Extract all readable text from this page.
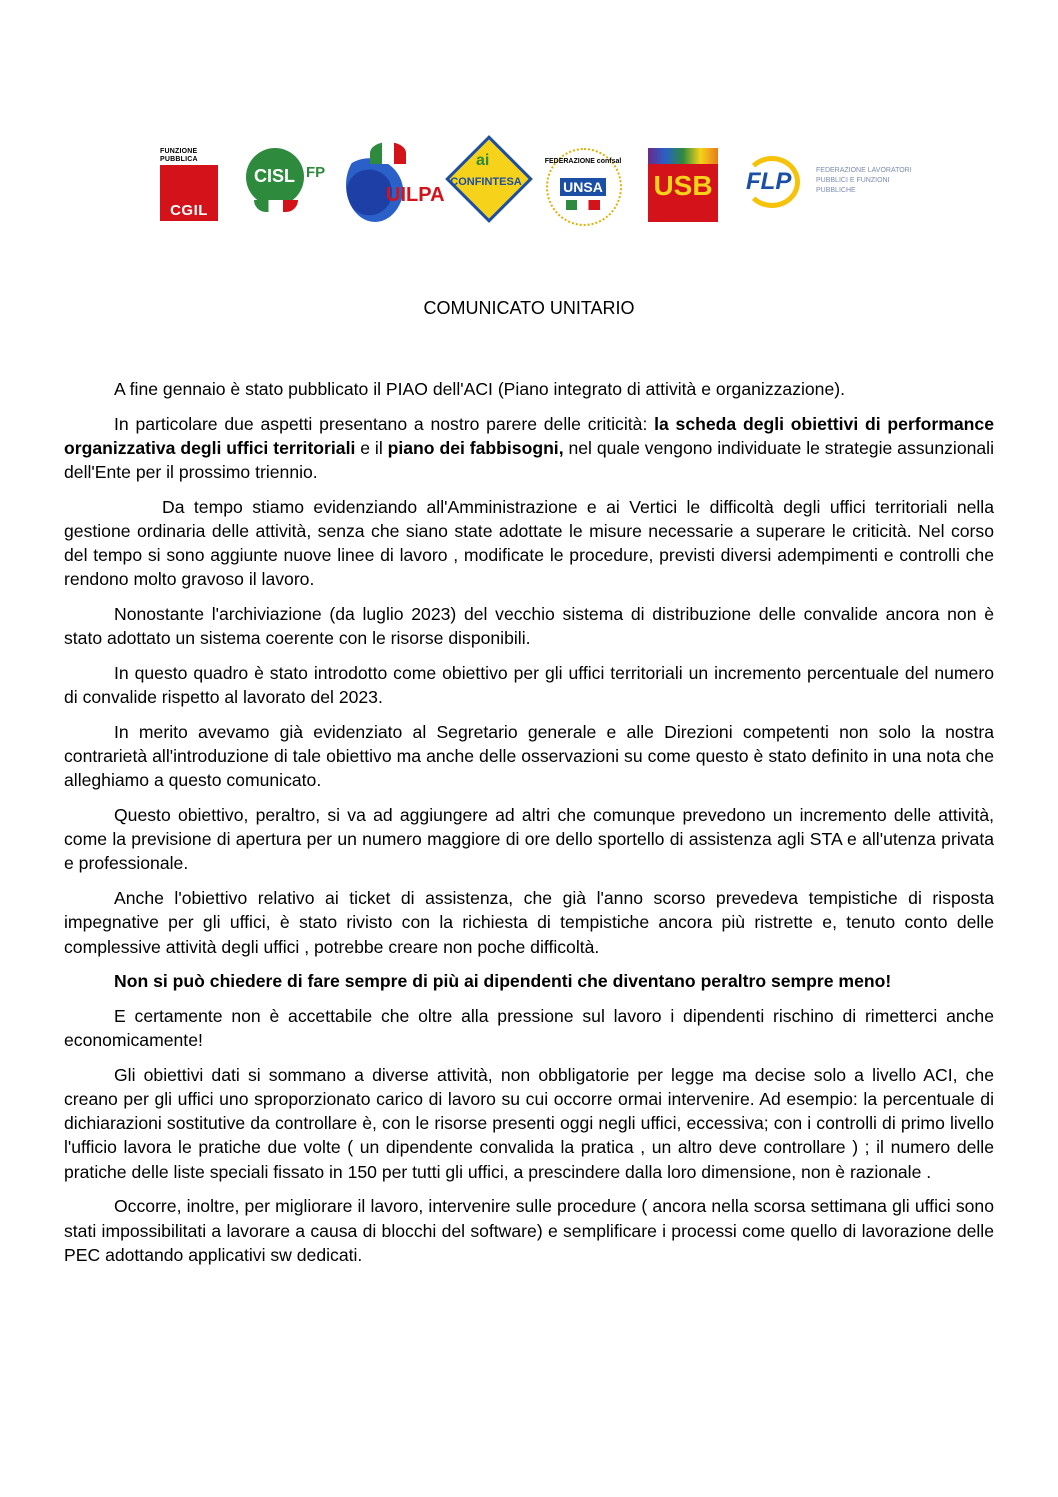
FUNZIONE PUBBLICA
CGIL
CISL FP
UILPA
ai
CONFINTESA
FEDERAZIONE confsal
UNSA USB FLP	FEDERAZIONE LAVORATORI PUBBLICI E FUNZIONI PUBBLICHE
COMUNICATO UNITARIO

A fine gennaio è stato pubblicato il PIAO dell'ACI (Piano integrato di attività e organizzazione).

In particolare due aspetti presentano a nostro parere delle criticità: la scheda degli obiettivi di performance organizzativa degli uffici territoriali e il piano dei fabbisogni, nel quale vengono individuate le strategie assunzionali dell'Ente per il prossimo triennio.

Da tempo stiamo evidenziando all'Amministrazione e ai Vertici le difficoltà degli uffici territoriali nella gestione ordinaria delle attività, senza che siano state adottate le misure necessarie a superare le criticità. Nel corso del tempo si sono aggiunte nuove linee di lavoro , modificate le procedure, previsti diversi adempimenti e controlli che rendono molto gravoso il lavoro.

Nonostante l'archiviazione (da luglio 2023) del vecchio sistema di distribuzione delle convalide ancora non è stato adottato un sistema coerente con le risorse disponibili.

In questo quadro è stato introdotto come obiettivo per gli uffici territoriali un incremento percentuale del numero di convalide rispetto al lavorato del 2023.

In merito avevamo già evidenziato al Segretario generale e alle Direzioni competenti non solo la nostra contrarietà all'introduzione di tale obiettivo ma anche delle osservazioni su come questo è stato definito in una nota che alleghiamo a questo comunicato.

Questo obiettivo, peraltro, si va ad aggiungere ad altri che comunque prevedono un incremento delle attività, come la previsione di apertura per un numero maggiore di ore dello sportello di assistenza agli STA e all'utenza privata e professionale.

Anche l'obiettivo relativo ai ticket di assistenza, che già l'anno scorso prevedeva tempistiche di risposta impegnative per gli uffici, è stato rivisto con la richiesta di tempistiche ancora più ristrette e, tenuto conto delle complessive attività degli uffici , potrebbe creare non poche difficoltà.

Non si può chiedere di fare sempre di più ai dipendenti che diventano peraltro sempre meno!

E certamente non è accettabile che oltre alla pressione sul lavoro i dipendenti rischino di rimetterci anche economicamente!

Gli obiettivi dati si sommano a diverse attività, non obbligatorie per legge ma decise solo a livello ACI, che creano per gli uffici uno sproporzionato carico di lavoro su cui occorre ormai intervenire. Ad esempio: la percentuale di dichiarazioni sostitutive da controllare è, con le risorse presenti oggi negli uffici, eccessiva; con i controlli di primo livello l'ufficio lavora le pratiche due volte ( un dipendente convalida la pratica , un altro deve controllare ) ; il numero delle pratiche delle liste speciali fissato in 150 per tutti gli uffici, a prescindere dalla loro dimensione, non è razionale .

Occorre, inoltre, per migliorare il lavoro, intervenire sulle procedure ( ancora nella scorsa settimana gli uffici sono stati impossibilitati a lavorare a causa di blocchi del software) e semplificare i processi come quello di lavorazione delle PEC adottando applicativi sw dedicati.
